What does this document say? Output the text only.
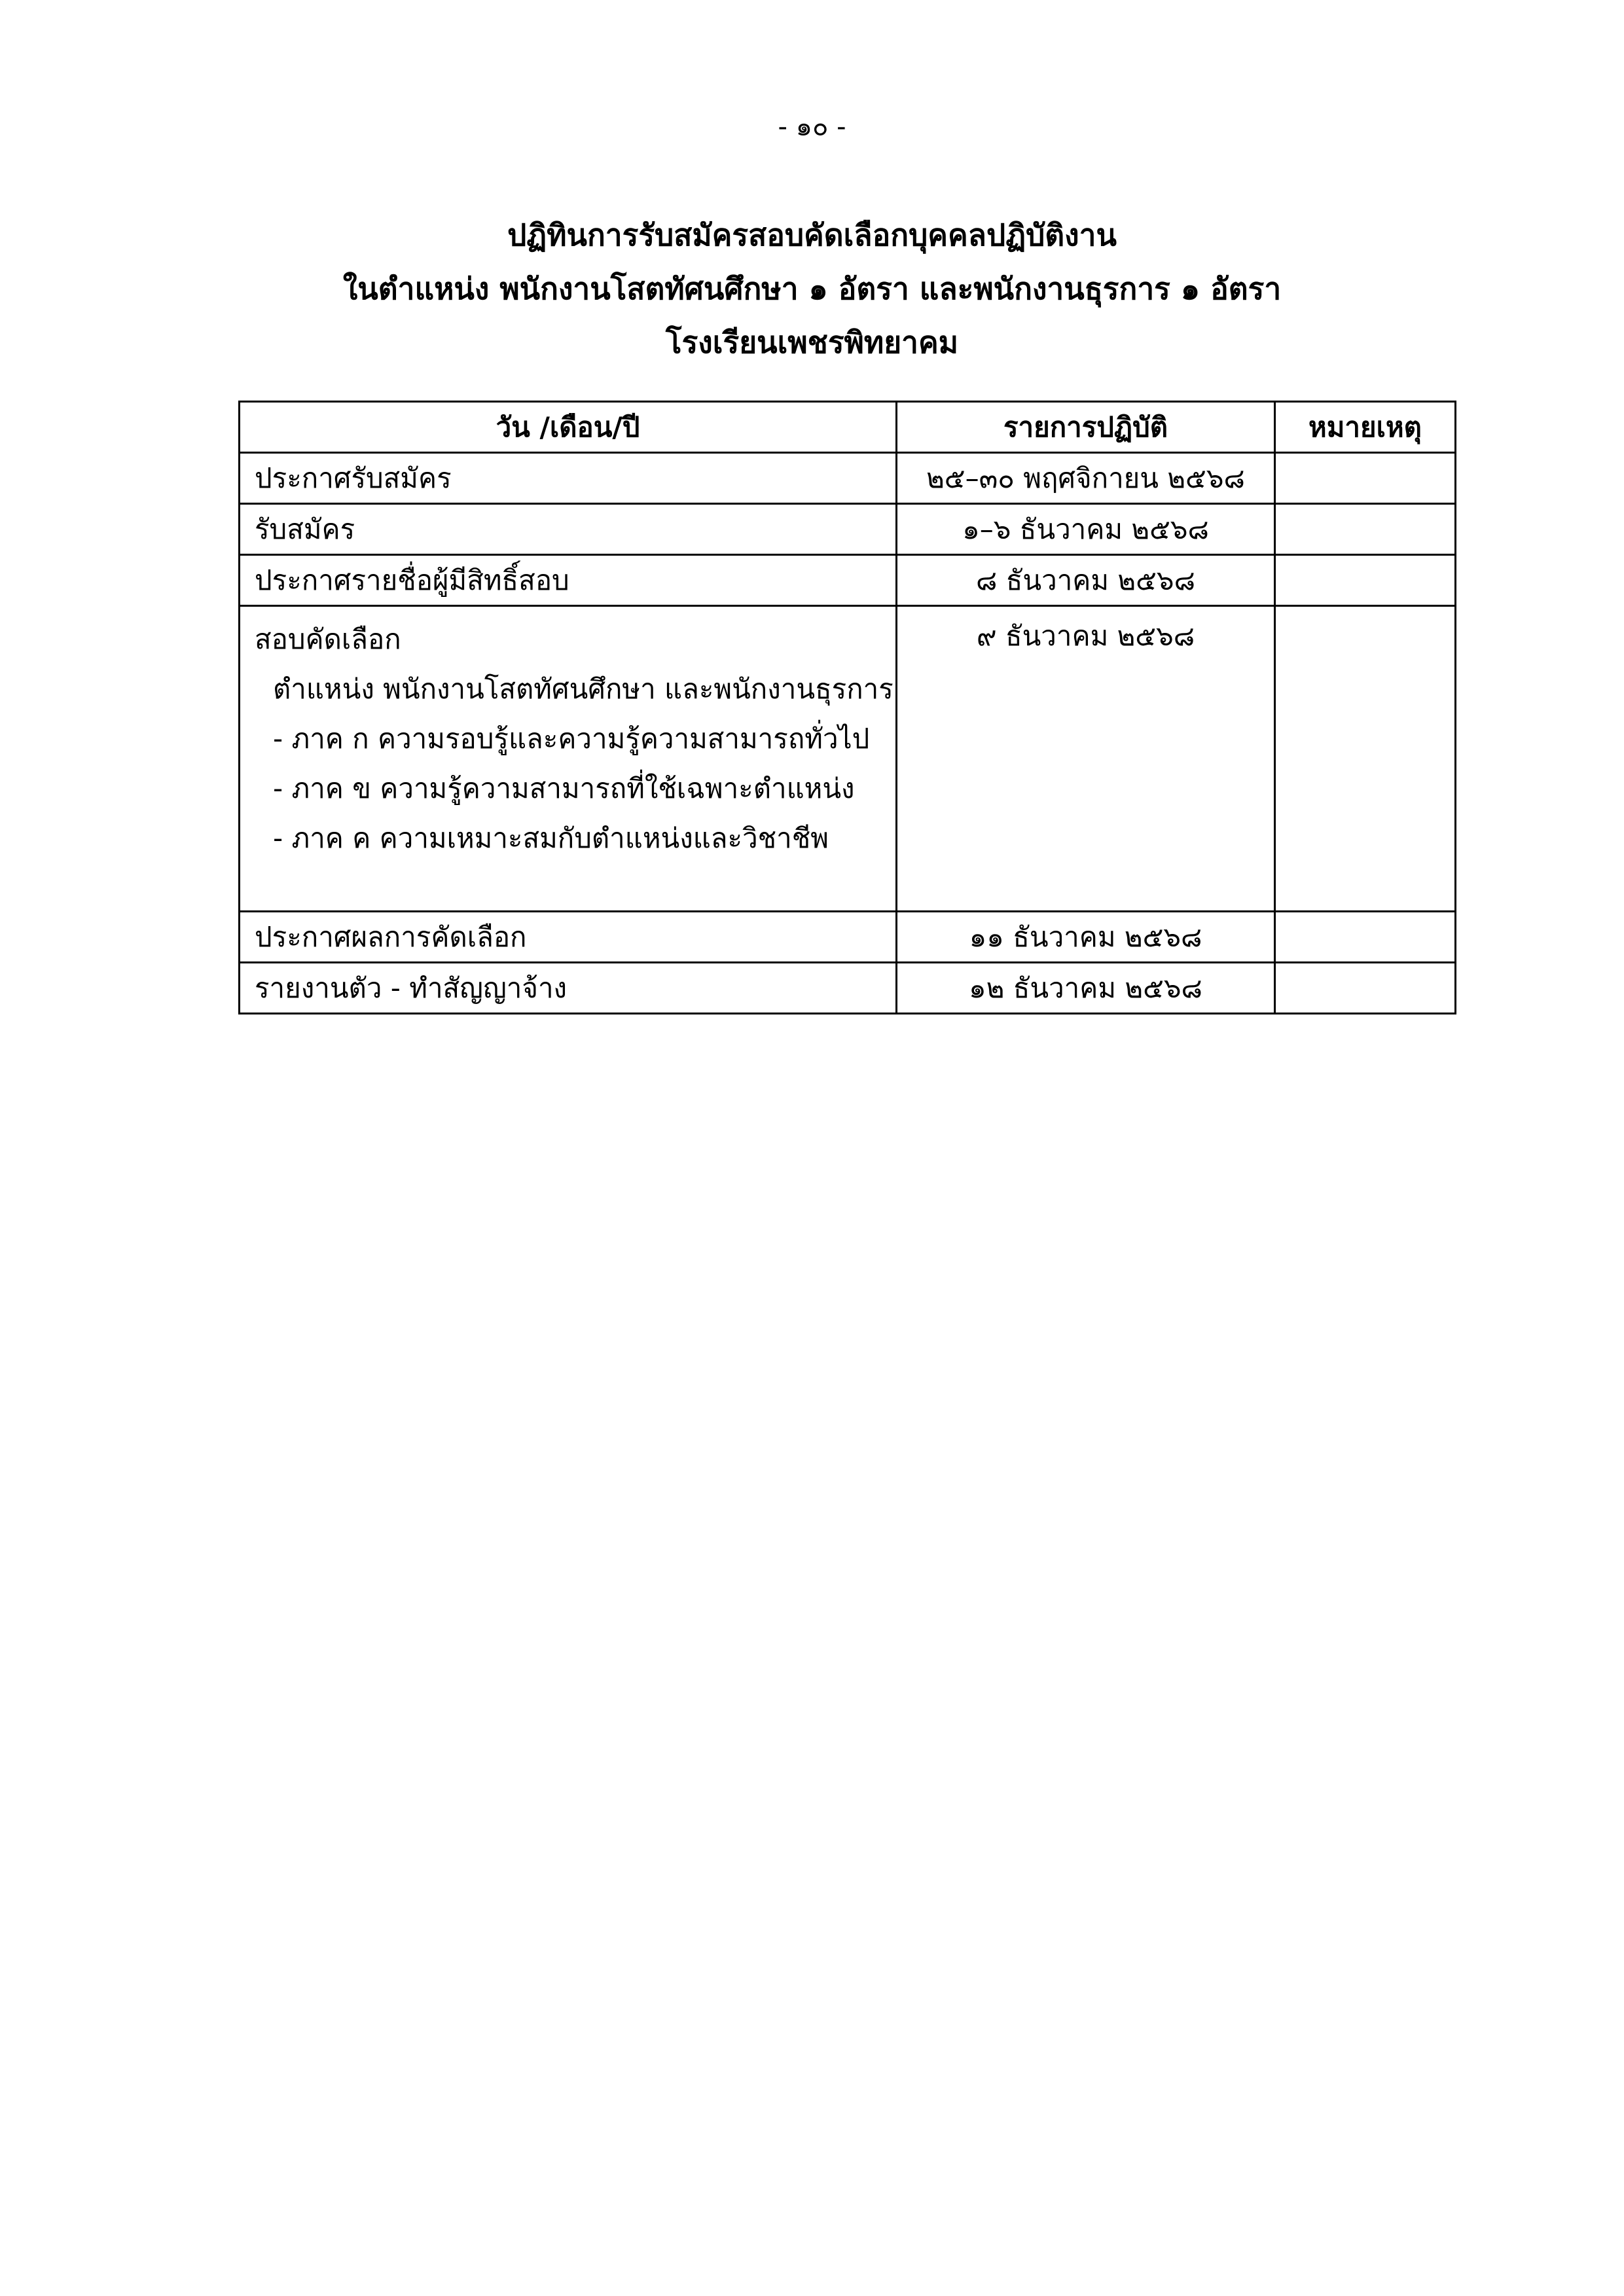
- ๑๐ -
ปฏิทินการรับสมัครสอบคัดเลือกบุคคลปฏิบัติงาน
ในตำแหน่ง พนักงานโสตทัศนศึกษา ๑ อัตรา และพนักงานธุรการ ๑ อัตรา
โรงเรียนเพชรพิทยาคม
วัน /เดือน/ปี	รายการปฏิบัติ	หมายเหตุ
ประกาศรับสมัคร	๒๕–๓๐ พฤศจิกายน ๒๕๖๘	
รับสมัคร	๑–๖ ธันวาคม ๒๕๖๘	
ประกาศรายชื่อผู้มีสิทธิ์สอบ	๘ ธันวาคม ๒๕๖๘	

สอบคัดเลือก
ตำแหน่ง พนักงานโสตทัศนศึกษา และพนักงานธุรการ
- ภาค ก ความรอบรู้และความรู้ความสามารถทั่วไป
- ภาค ข ความรู้ความสามารถที่ใช้เฉพาะตำแหน่ง
- ภาค ค ความเหมาะสมกับตำแหน่งและวิชาชีพ	๙ ธันวาคม ๒๕๖๘	
ประกาศผลการคัดเลือก	๑๑ ธันวาคม ๒๕๖๘	
รายงานตัว - ทำสัญญาจ้าง	๑๒ ธันวาคม ๒๕๖๘	
